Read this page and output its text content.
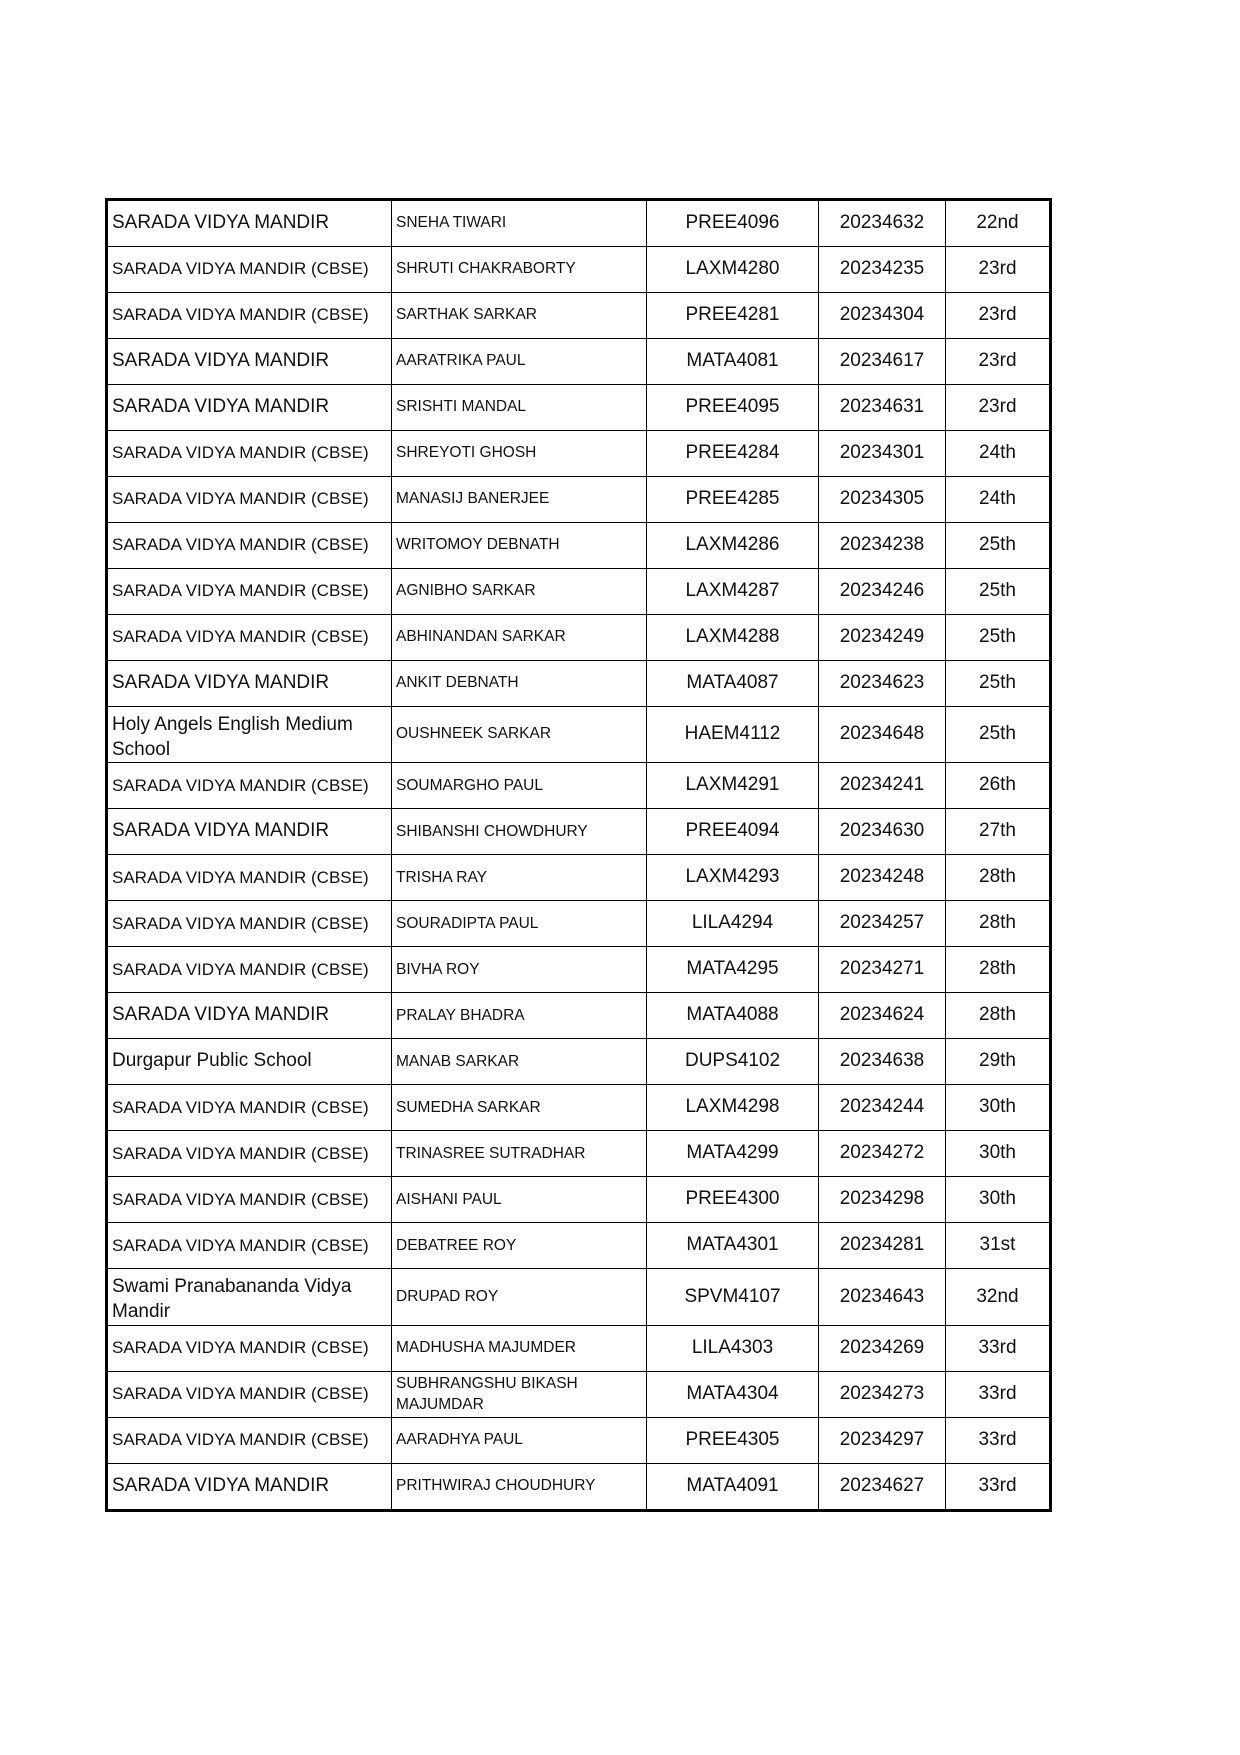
SARADA VIDYA MANDIR	SNEHA TIWARI	PREE4096	20234632	22nd
SARADA VIDYA MANDIR (CBSE)	SHRUTI CHAKRABORTY	LAXM4280	20234235	23rd
SARADA VIDYA MANDIR (CBSE)	SARTHAK SARKAR	PREE4281	20234304	23rd
SARADA VIDYA MANDIR	AARATRIKA PAUL	MATA4081	20234617	23rd
SARADA VIDYA MANDIR	SRISHTI MANDAL	PREE4095	20234631	23rd
SARADA VIDYA MANDIR (CBSE)	SHREYOTI GHOSH	PREE4284	20234301	24th
SARADA VIDYA MANDIR (CBSE)	MANASIJ BANERJEE	PREE4285	20234305	24th
SARADA VIDYA MANDIR (CBSE)	WRITOMOY DEBNATH	LAXM4286	20234238	25th
SARADA VIDYA MANDIR (CBSE)	AGNIBHO SARKAR	LAXM4287	20234246	25th
SARADA VIDYA MANDIR (CBSE)	ABHINANDAN SARKAR	LAXM4288	20234249	25th
SARADA VIDYA MANDIR	ANKIT DEBNATH	MATA4087	20234623	25th
Holy Angels English Medium School	OUSHNEEK SARKAR	HAEM4112	20234648	25th
SARADA VIDYA MANDIR (CBSE)	SOUMARGHO PAUL	LAXM4291	20234241	26th
SARADA VIDYA MANDIR	SHIBANSHI CHOWDHURY	PREE4094	20234630	27th
SARADA VIDYA MANDIR (CBSE)	TRISHA RAY	LAXM4293	20234248	28th
SARADA VIDYA MANDIR (CBSE)	SOURADIPTA PAUL	LILA4294	20234257	28th
SARADA VIDYA MANDIR (CBSE)	BIVHA ROY	MATA4295	20234271	28th
SARADA VIDYA MANDIR	PRALAY BHADRA	MATA4088	20234624	28th
Durgapur Public School	MANAB SARKAR	DUPS4102	20234638	29th
SARADA VIDYA MANDIR (CBSE)	SUMEDHA SARKAR	LAXM4298	20234244	30th
SARADA VIDYA MANDIR (CBSE)	TRINASREE SUTRADHAR	MATA4299	20234272	30th
SARADA VIDYA MANDIR (CBSE)	AISHANI PAUL	PREE4300	20234298	30th
SARADA VIDYA MANDIR (CBSE)	DEBATREE ROY	MATA4301	20234281	31st
Swami Pranabananda Vidya Mandir	DRUPAD ROY	SPVM4107	20234643	32nd
SARADA VIDYA MANDIR (CBSE)	MADHUSHA MAJUMDER	LILA4303	20234269	33rd
SARADA VIDYA MANDIR (CBSE)	SUBHRANGSHU BIKASH MAJUMDAR	MATA4304	20234273	33rd
SARADA VIDYA MANDIR (CBSE)	AARADHYA PAUL	PREE4305	20234297	33rd
SARADA VIDYA MANDIR	PRITHWIRAJ CHOUDHURY	MATA4091	20234627	33rd
